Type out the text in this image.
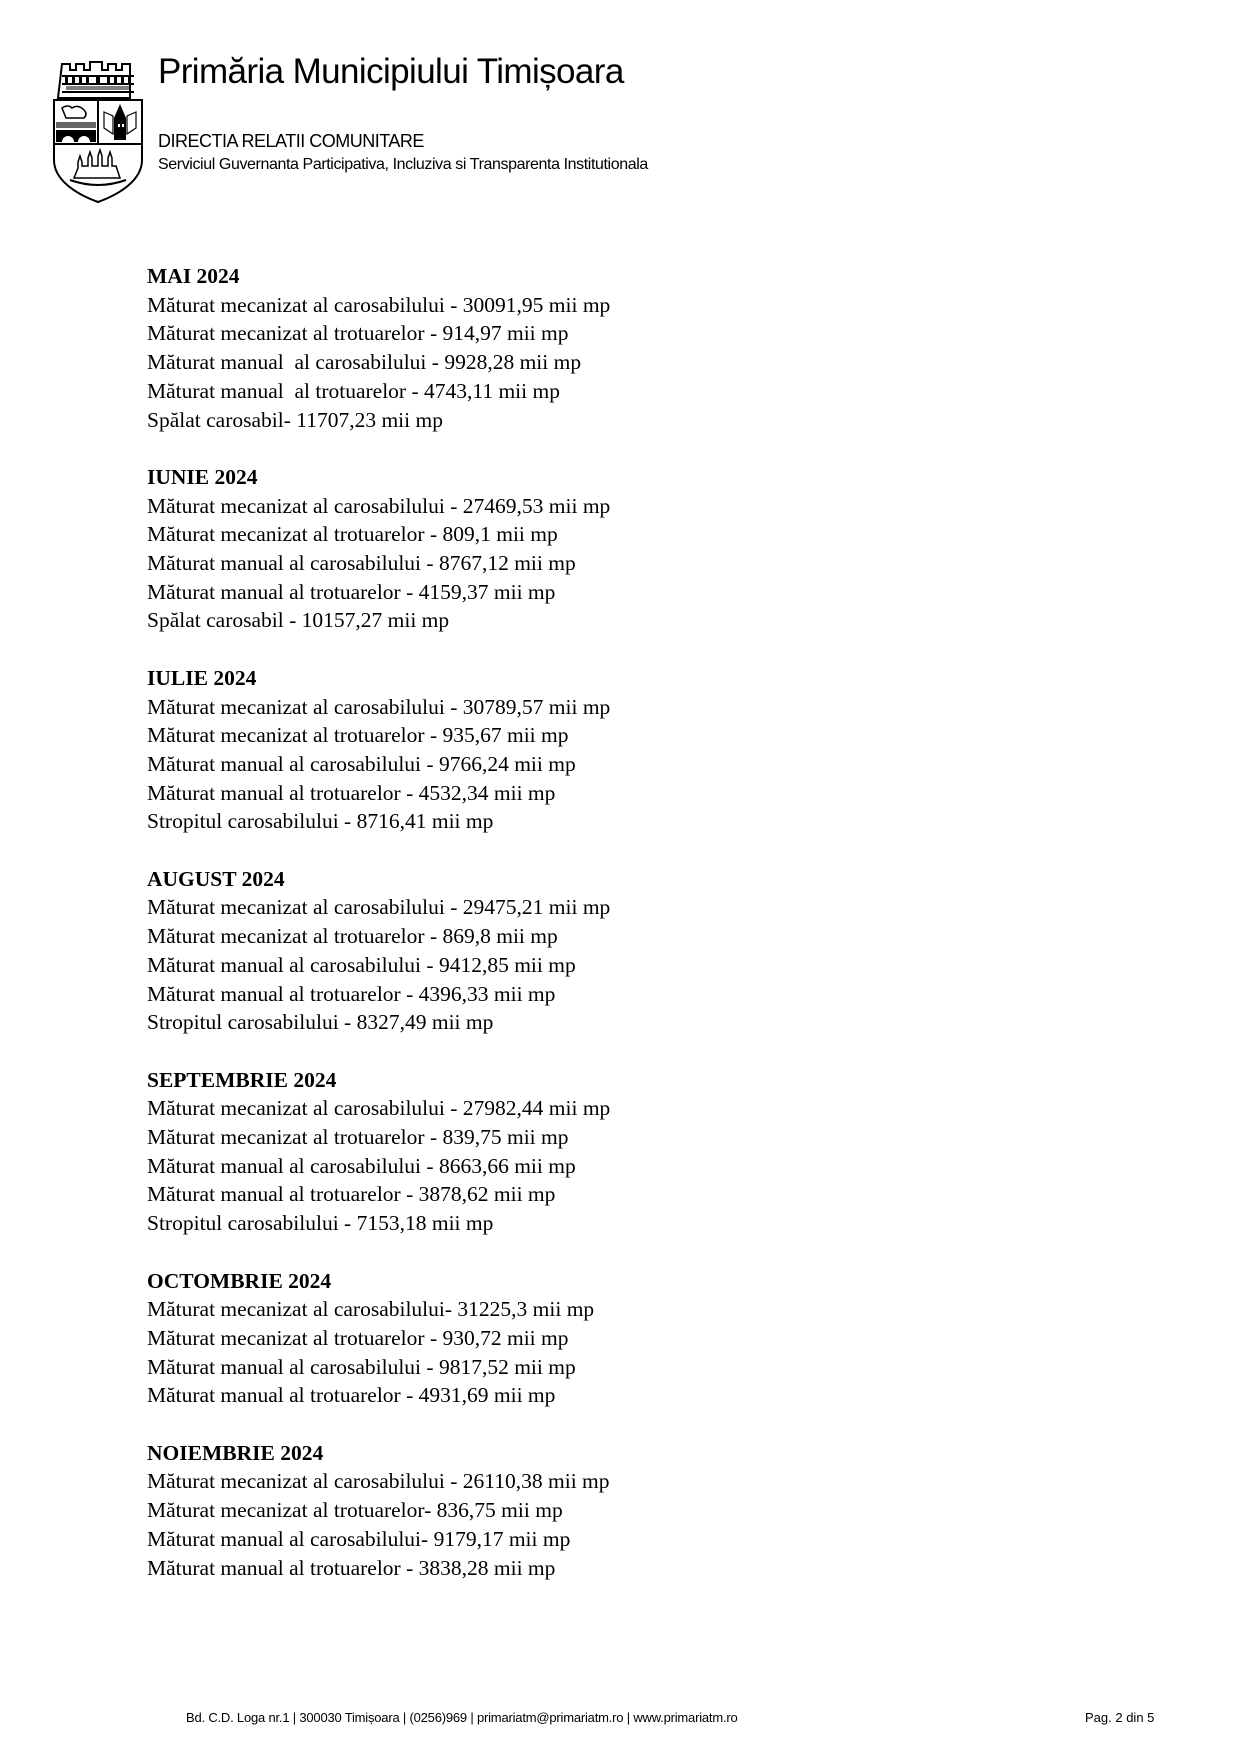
Primăria Municipiului Timișoara
DIRECTIA RELATII COMUNITARE
Serviciul Guvernanta Participativa, Incluziva si Transparenta Institutionala
MAI 2024
Măturat mecanizat al carosabilului - 30091,95 mii mp
Măturat mecanizat al trotuarelor - 914,97 mii mp
Măturat manual  al carosabilului - 9928,28 mii mp
Măturat manual  al trotuarelor - 4743,11 mii mp
Spălat carosabil- 11707,23 mii mp
IUNIE 2024
Măturat mecanizat al carosabilului - 27469,53 mii mp
Măturat mecanizat al trotuarelor - 809,1 mii mp
Măturat manual al carosabilului - 8767,12 mii mp
Măturat manual al trotuarelor - 4159,37 mii mp
Spălat carosabil - 10157,27 mii mp
IULIE 2024
Măturat mecanizat al carosabilului - 30789,57 mii mp
Măturat mecanizat al trotuarelor - 935,67 mii mp
Măturat manual al carosabilului - 9766,24 mii mp
Măturat manual al trotuarelor - 4532,34 mii mp
Stropitul carosabilului - 8716,41 mii mp
AUGUST 2024
Măturat mecanizat al carosabilului - 29475,21 mii mp
Măturat mecanizat al trotuarelor - 869,8 mii mp
Măturat manual al carosabilului - 9412,85 mii mp
Măturat manual al trotuarelor - 4396,33 mii mp
Stropitul carosabilului - 8327,49 mii mp
SEPTEMBRIE 2024
Măturat mecanizat al carosabilului - 27982,44 mii mp
Măturat mecanizat al trotuarelor - 839,75 mii mp
Măturat manual al carosabilului - 8663,66 mii mp
Măturat manual al trotuarelor - 3878,62 mii mp
Stropitul carosabilului - 7153,18 mii mp
OCTOMBRIE 2024
Măturat mecanizat al carosabilului- 31225,3 mii mp
Măturat mecanizat al trotuarelor - 930,72 mii mp
Măturat manual al carosabilului - 9817,52 mii mp
Măturat manual al trotuarelor - 4931,69 mii mp
NOIEMBRIE 2024
Măturat mecanizat al carosabilului - 26110,38 mii mp
Măturat mecanizat al trotuarelor- 836,75 mii mp
Măturat manual al carosabilului- 9179,17 mii mp
Măturat manual al trotuarelor - 3838,28 mii mp
Bd. C.D. Loga nr.1 | 300030 Timișoara | (0256)969 | primariatm@primariatm.ro | www.primariatm.ro	Pag. 2 din 5
